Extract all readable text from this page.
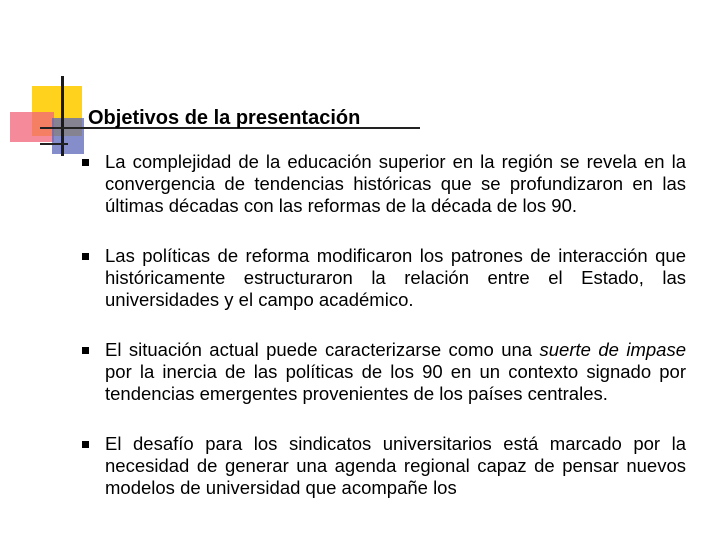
Objetivos de la presentación
La complejidad de la educación superior en la región se revela en la convergencia de tendencias históricas que se profundizaron en las últimas décadas con las reformas de la década de los 90.
Las políticas de reforma modificaron los patrones de interacción que históricamente estructuraron la relación entre el Estado, las universidades y el campo académico.
El situación actual puede caracterizarse como una suerte de impase por la inercia de las políticas de los 90 en un contexto signado por tendencias emergentes provenientes de los países centrales.
El desafío para los sindicatos universitarios está marcado por la necesidad de generar una agenda regional capaz de pensar nuevos modelos de universidad que acompañe los
